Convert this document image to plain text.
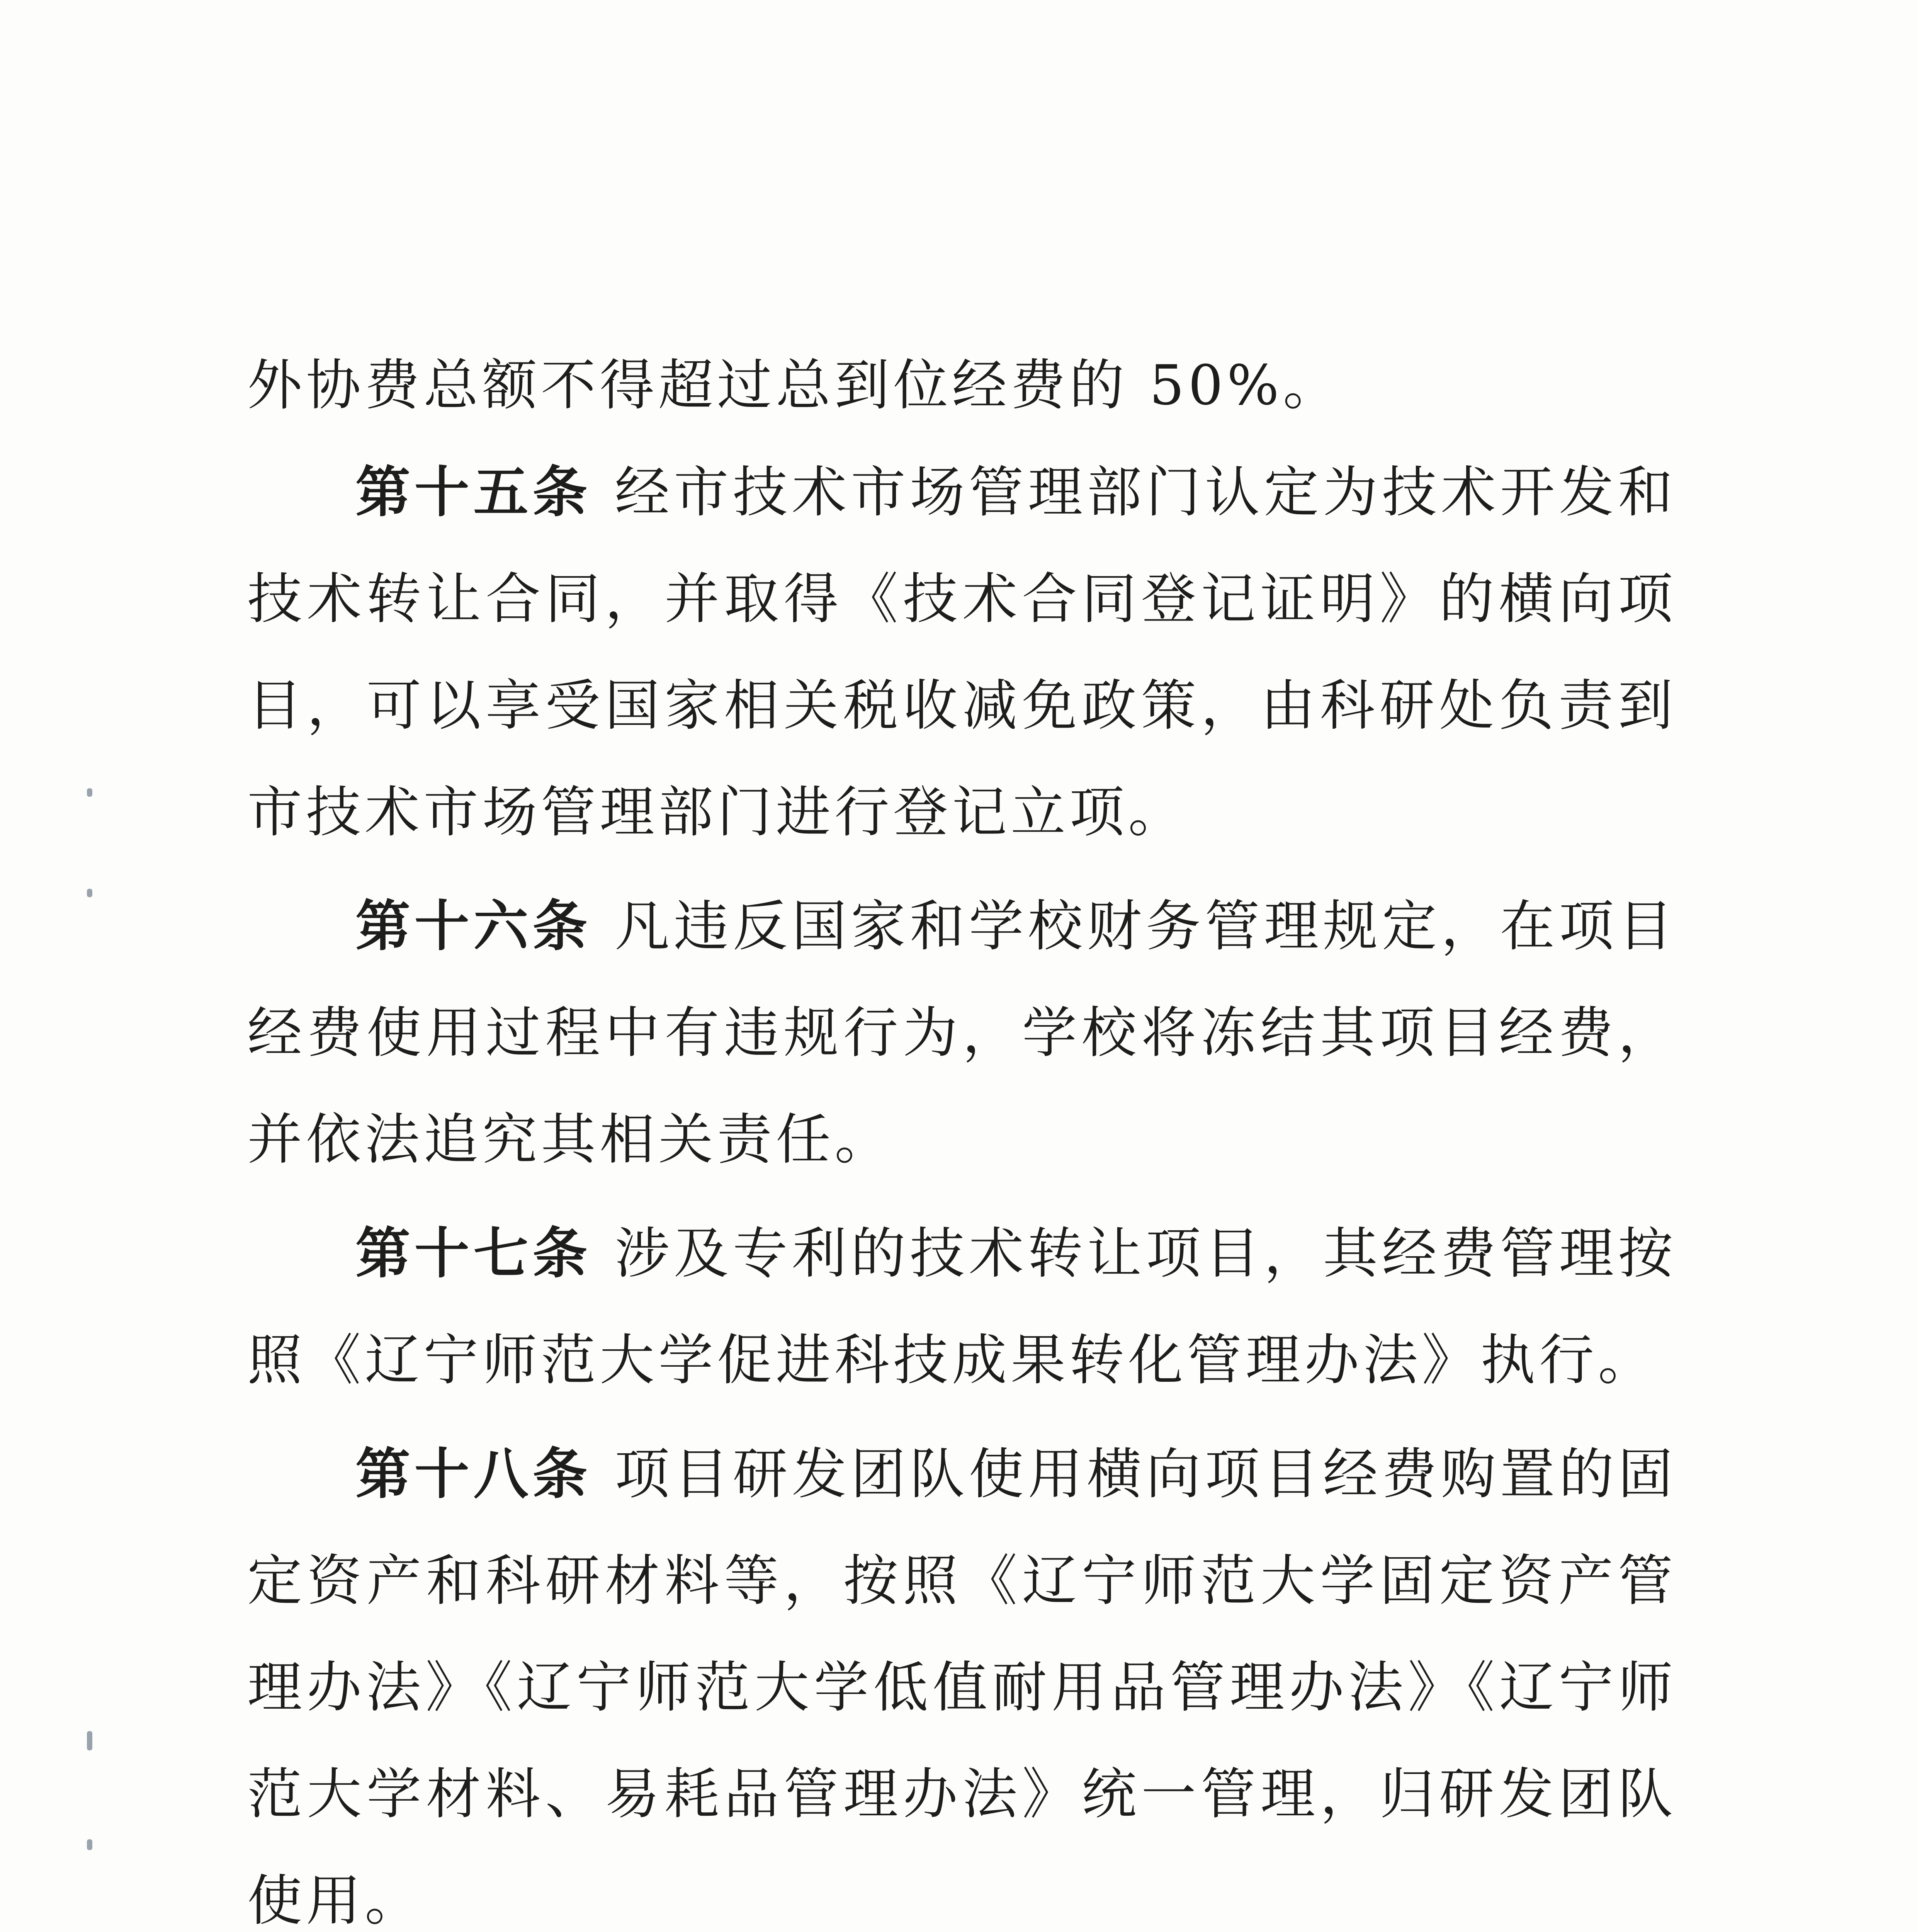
外协费总额不得超过总到位经费的 50%。

第十五条 经市技术市场管理部门认定为技术开发和技术转让合同，并取得《技术合同登记证明》的横向项目，可以享受国家相关税收减免政策，由科研处负责到市技术市场管理部门进行登记立项。

第十六条 凡违反国家和学校财务管理规定，在项目经费使用过程中有违规行为，学校将冻结其项目经费，并依法追究其相关责任。

第十七条 涉及专利的技术转让项目，其经费管理按照《辽宁师范大学促进科技成果转化管理办法》执行。

第十八条 项目研发团队使用横向项目经费购置的固定资产和科研材料等，按照《辽宁师范大学固定资产管理办法》《辽宁师范大学低值耐用品管理办法》《辽宁师范大学材料、易耗品管理办法》统一管理，归研发团队使用。
